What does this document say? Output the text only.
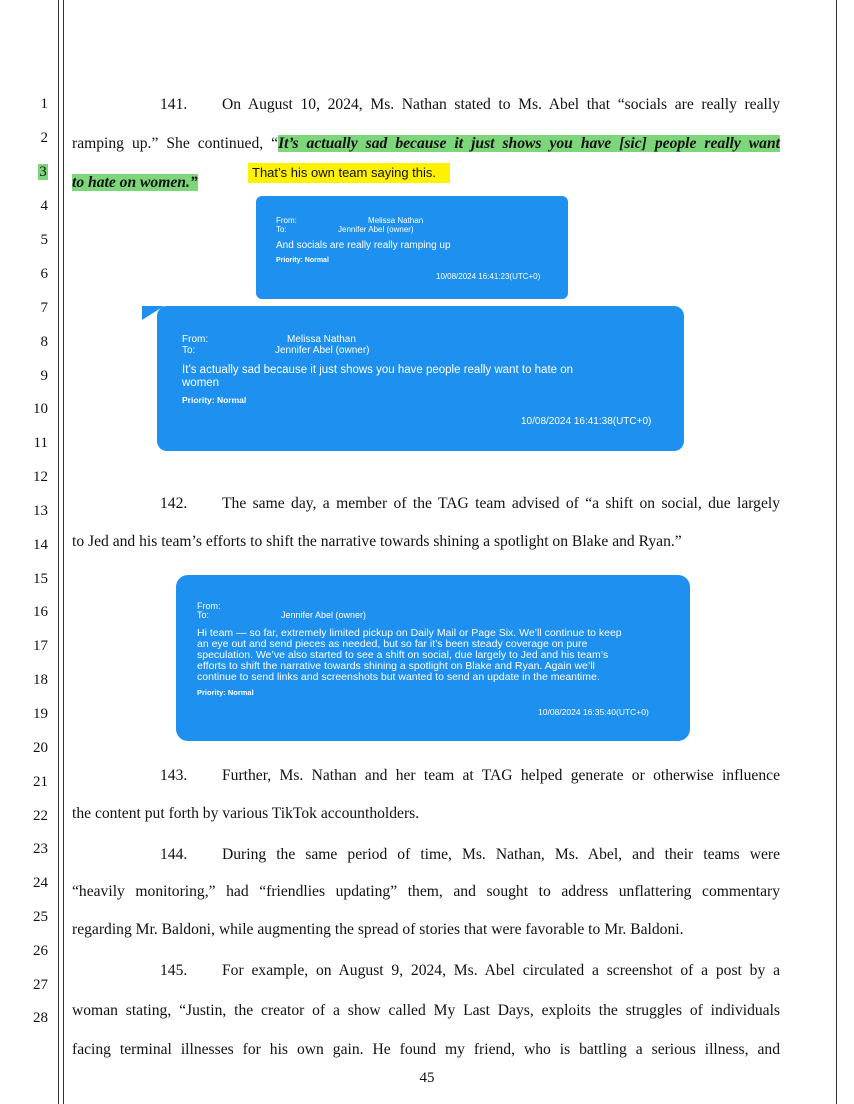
1
2
3
4
5
6
7
8
9
10
11
12
13
14
15
16
17
18
19
20
21
22
23
24
25
26
27
28
141. On August 10, 2024, Ms. Nathan stated to Ms. Abel that “socials are really really
ramping up.” She continued, “It’s actually sad because it just shows you have [sic] people really want
to hate on women.”
That’s his own team saying this.
From:	Melissa Nathan
To:	Jennifer Abel (owner)
And socials are really really ramping up
Priority: Normal
10/08/2024 16:41:23(UTC+0)
From:	Melissa Nathan
To:	Jennifer Abel (owner)
It’s actually sad because it just shows you have people really want to hate on
women
Priority: Normal
10/08/2024 16:41:38(UTC+0)
142. The same day, a member of the TAG team advised of “a shift on social, due largely
to Jed and his team’s efforts to shift the narrative towards shining a spotlight on Blake and Ryan.”
From:
To:	Jennifer Abel (owner)
Hi team — so far, extremely limited pickup on Daily Mail or Page Six. We’ll continue to keep
an eye out and send pieces as needed, but so far it’s been steady coverage on pure
speculation. We’ve also started to see a shift on social, due largely to Jed and his team’s
efforts to shift the narrative towards shining a spotlight on Blake and Ryan. Again we’ll
continue to send links and screenshots but wanted to send an update in the meantime.
Priority: Normal
10/08/2024 16:35:40(UTC+0)
143. Further, Ms. Nathan and her team at TAG helped generate or otherwise influence
the content put forth by various TikTok accountholders.
144. During the same period of time, Ms. Nathan, Ms. Abel, and their teams were
“heavily monitoring,” had “friendlies updating” them, and sought to address unflattering commentary
regarding Mr. Baldoni, while augmenting the spread of stories that were favorable to Mr. Baldoni.
145. For example, on August 9, 2024, Ms. Abel circulated a screenshot of a post by a
woman stating, “Justin, the creator of a show called My Last Days, exploits the struggles of individuals
facing terminal illnesses for his own gain. He found my friend, who is battling a serious illness, and
45
